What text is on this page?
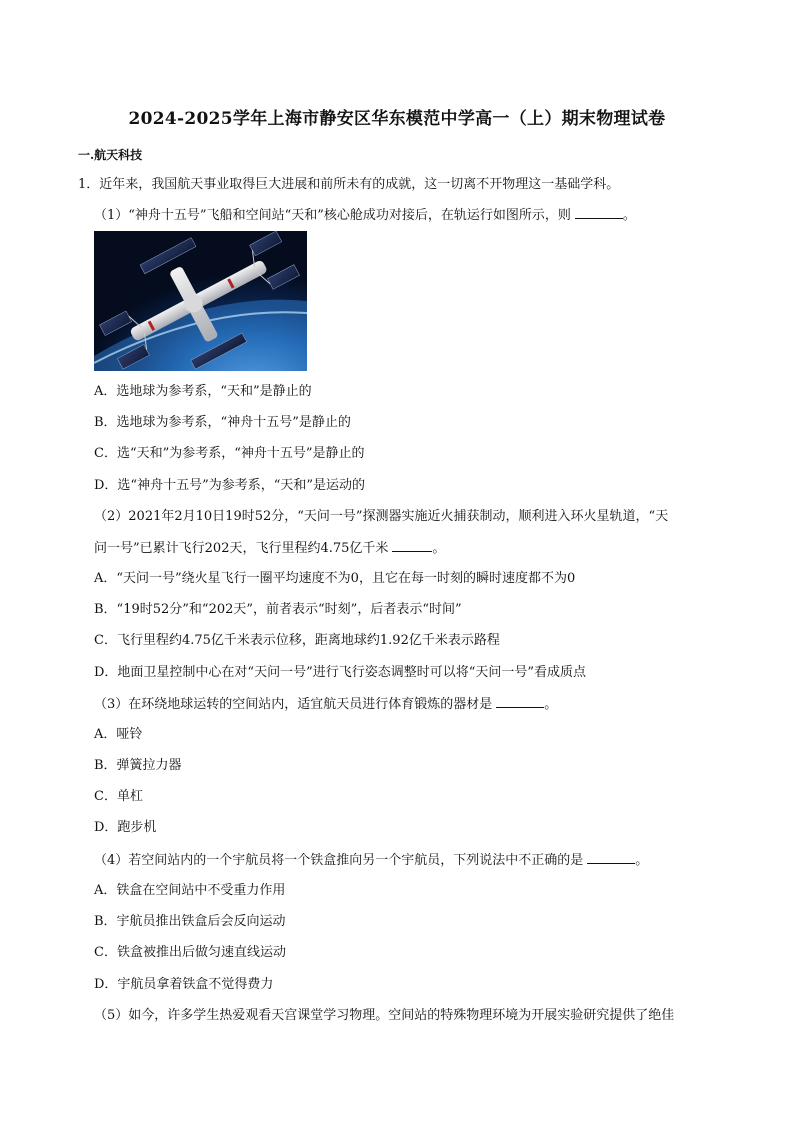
2024-2025学年上海市静安区华东模范中学高一（上）期末物理试卷

一.航天科技

1．近年来，我国航天事业取得巨大进展和前所未有的成就，这一切离不开物理这一基础学科。

（1）“神舟十五号”飞船和空间站“天和”核心舱成功对接后，在轨运行如图所示，则	。

A．选地球为参考系，“天和”是静止的

B．选地球为参考系，“神舟十五号”是静止的

C．选“天和”为参考系，“神舟十五号”是静止的

D．选“神舟十五号”为参考系，“天和”是运动的

（2）2021年2月10日19时52分，“天问一号”探测器实施近火捕获制动，顺利进入环火星轨道，“天

问一号”已累计飞行202天，飞行里程约4.75亿千米	。

A．“天问一号”绕火星飞行一圈平均速度不为0，且它在每一时刻的瞬时速度都不为0

B．“19时52分”和“202天”，前者表示“时刻”，后者表示“时间”

C．飞行里程约4.75亿千米表示位移，距离地球约1.92亿千米表示路程

D．地面卫星控制中心在对“天问一号”进行飞行姿态调整时可以将“天问一号”看成质点

（3）在环绕地球运转的空间站内，适宜航天员进行体育锻炼的器材是	。

A．哑铃

B．弹簧拉力器

C．单杠

D．跑步机

（4）若空间站内的一个宇航员将一个铁盒推向另一个宇航员，下列说法中不正确的是	。

A．铁盒在空间站中不受重力作用

B．宇航员推出铁盒后会反向运动

C．铁盒被推出后做匀速直线运动

D．宇航员拿着铁盒不觉得费力

（5）如今，许多学生热爱观看天宫课堂学习物理。空间站的特殊物理环境为开展实验研究提供了绝佳
